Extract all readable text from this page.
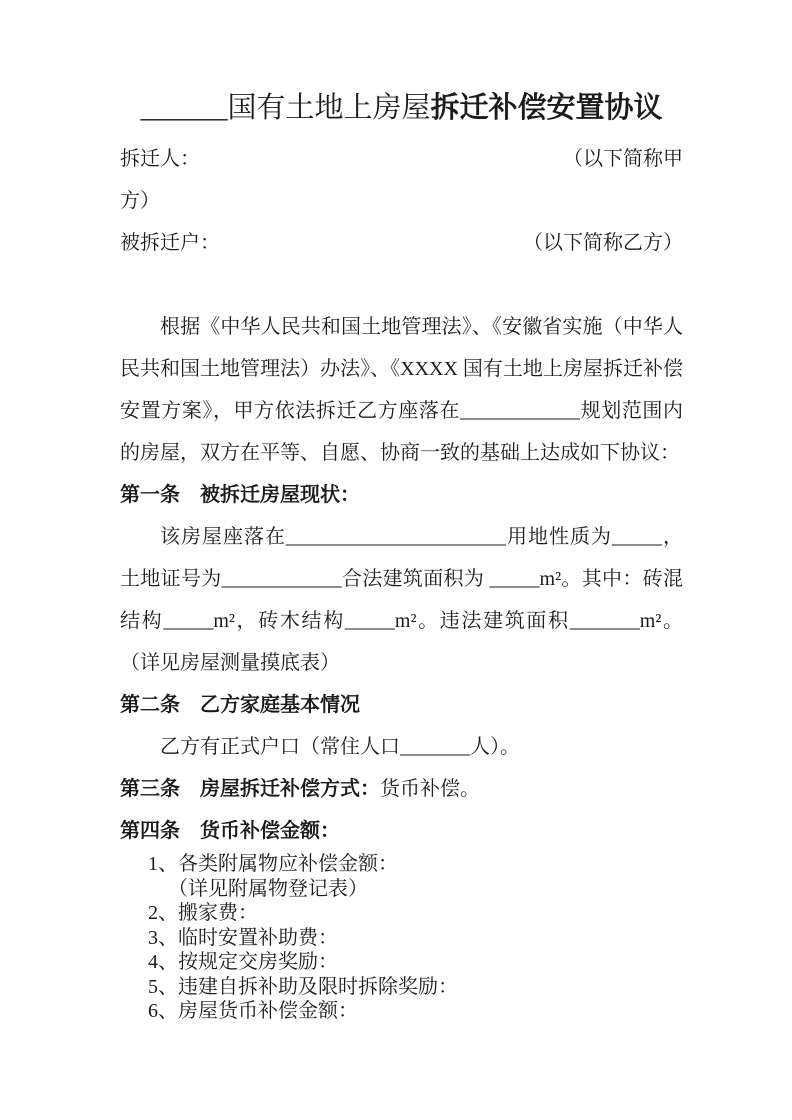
______国有土地上房屋拆迁补偿安置协议
拆迁人：	（以下简称甲
方）
被拆迁户：	（以下简称乙方）

根据《中华人民共和国土地管理法》、《安徽省实施（中华人民共和国土地管理法）办法》、《XXXX 国有土地上房屋拆迁补偿安置方案》，甲方依法拆迁乙方座落在____________规划范围内的房屋，双方在平等、自愿、协商一致的基础上达成如下协议：

第一条　被拆迁房屋现状：

该房屋座落在______________________用地性质为_____，土地证号为____________合法建筑面积为 _____m²。其中：砖混结构_____m²，砖木结构_____m²。违法建筑面积_______m²。（详见房屋测量摸底表）

第二条　乙方家庭基本情况

乙方有正式户口（常住人口_______人）。

第三条　房屋拆迁补偿方式：货币补偿。
第四条　货币补偿金额：
1、各类附属物应补偿金额：
（详见附属物登记表）
2、搬家费：
3、临时安置补助费：
4、按规定交房奖励：
5、违建自拆补助及限时拆除奖励：
6、房屋货币补偿金额：
